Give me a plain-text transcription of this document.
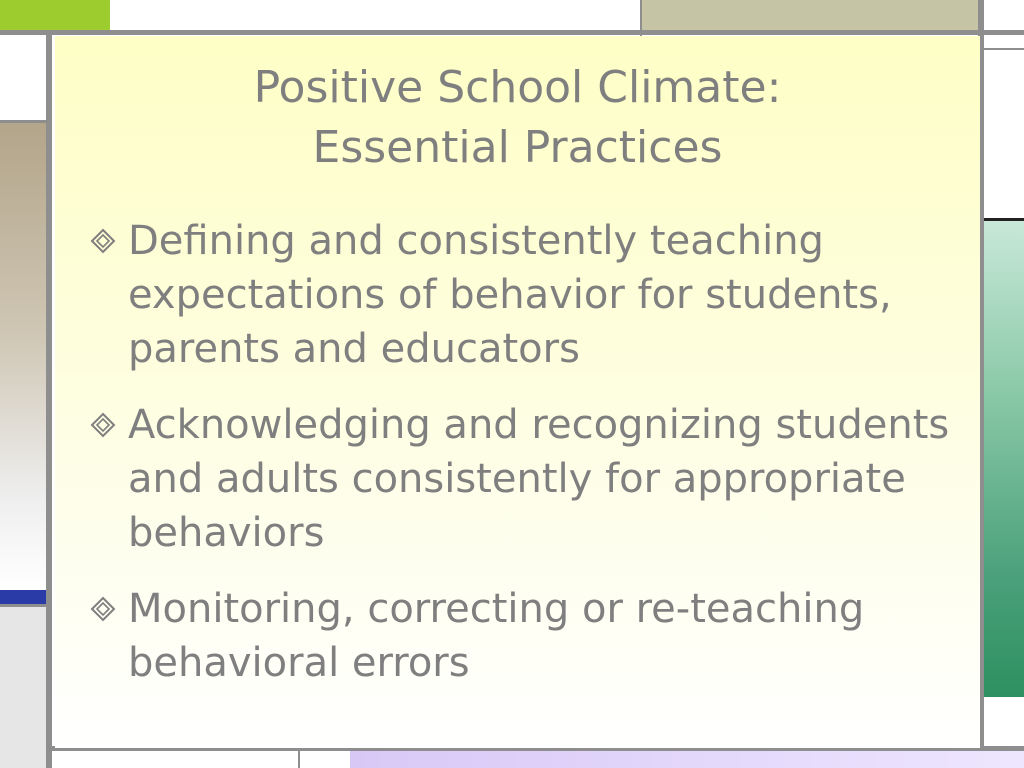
Positive School Climate:
Essential Practices
Defining and consistently teaching expectations of behavior for students, parents and educators
Acknowledging and recognizing students and adults consistently for appropriate behaviors
Monitoring, correcting or re-teaching behavioral errors
